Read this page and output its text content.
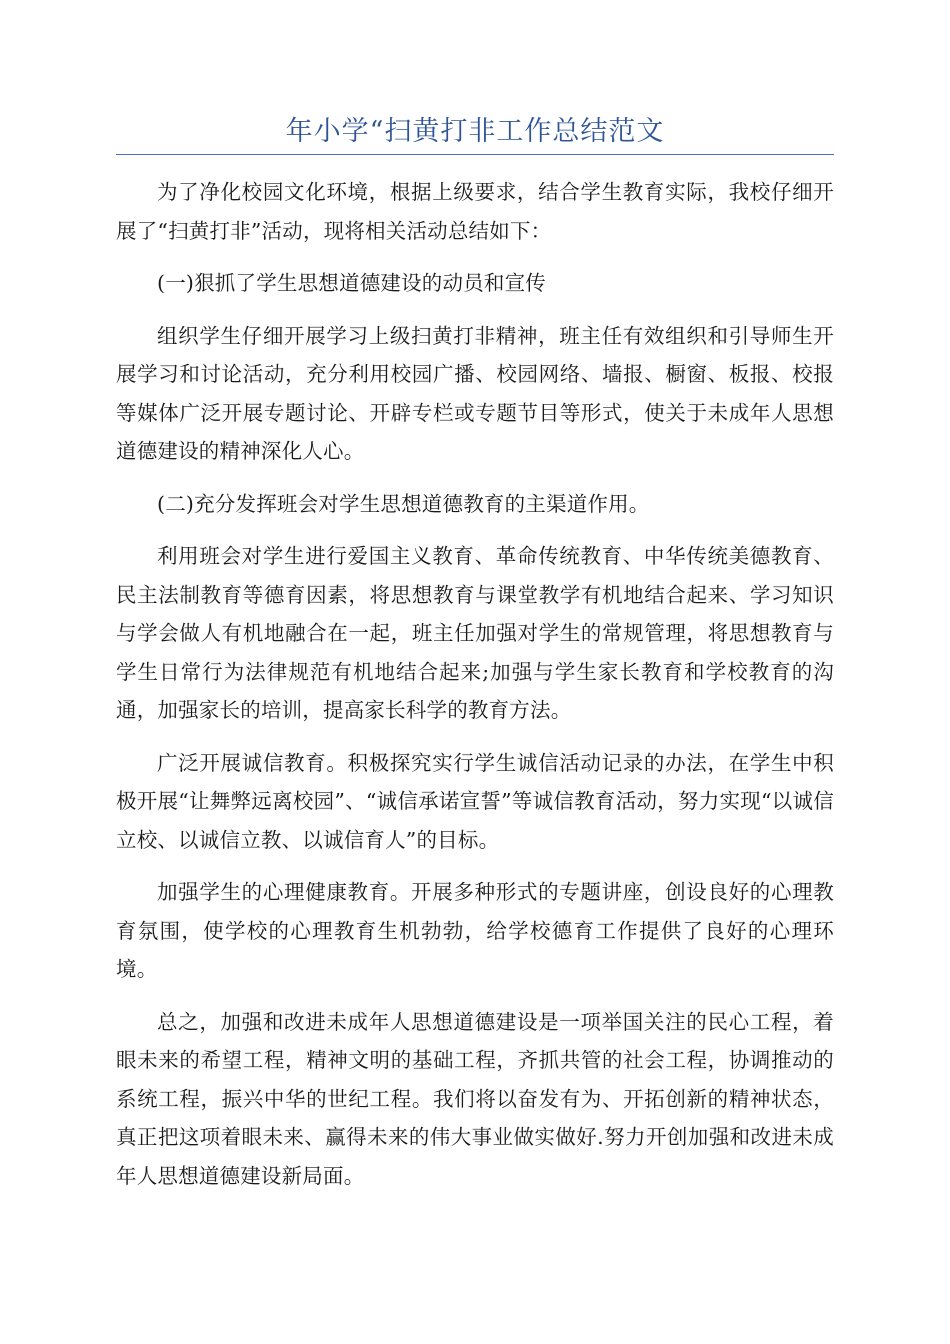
年小学“扫黄打非工作总结范文

为了净化校园文化环境，根据上级要求，结合学生教育实际，我校仔细开展了“扫黄打非”活动，现将相关活动总结如下：

(一)狠抓了学生思想道德建设的动员和宣传

组织学生仔细开展学习上级扫黄打非精神，班主任有效组织和引导师生开展学习和讨论活动，充分利用校园广播、校园网络、墙报、橱窗、板报、校报等媒体广泛开展专题讨论、开辟专栏或专题节目等形式，使关于未成年人思想道德建设的精神深化人心。

(二)充分发挥班会对学生思想道德教育的主渠道作用。

利用班会对学生进行爱国主义教育、革命传统教育、中华传统美德教育、民主法制教育等德育因素，将思想教育与课堂教学有机地结合起来、学习知识与学会做人有机地融合在一起，班主任加强对学生的常规管理，将思想教育与学生日常行为法律规范有机地结合起来;加强与学生家长教育和学校教育的沟通，加强家长的培训，提高家长科学的教育方法。

广泛开展诚信教育。积极探究实行学生诚信活动记录的办法，在学生中积极开展“让舞弊远离校园”、“诚信承诺宣誓”等诚信教育活动，努力实现“以诚信立校、以诚信立教、以诚信育人”的目标。

加强学生的心理健康教育。开展多种形式的专题讲座，创设良好的心理教育氛围，使学校的心理教育生机勃勃，给学校德育工作提供了良好的心理环境。

总之，加强和改进未成年人思想道德建设是一项举国关注的民心工程，着眼未来的希望工程，精神文明的基础工程，齐抓共管的社会工程，协调推动的系统工程，振兴中华的世纪工程。我们将以奋发有为、开拓创新的精神状态，真正把这项着眼未来、赢得未来的伟大事业做实做好.努力开创加强和改进未成年人思想道德建设新局面。
